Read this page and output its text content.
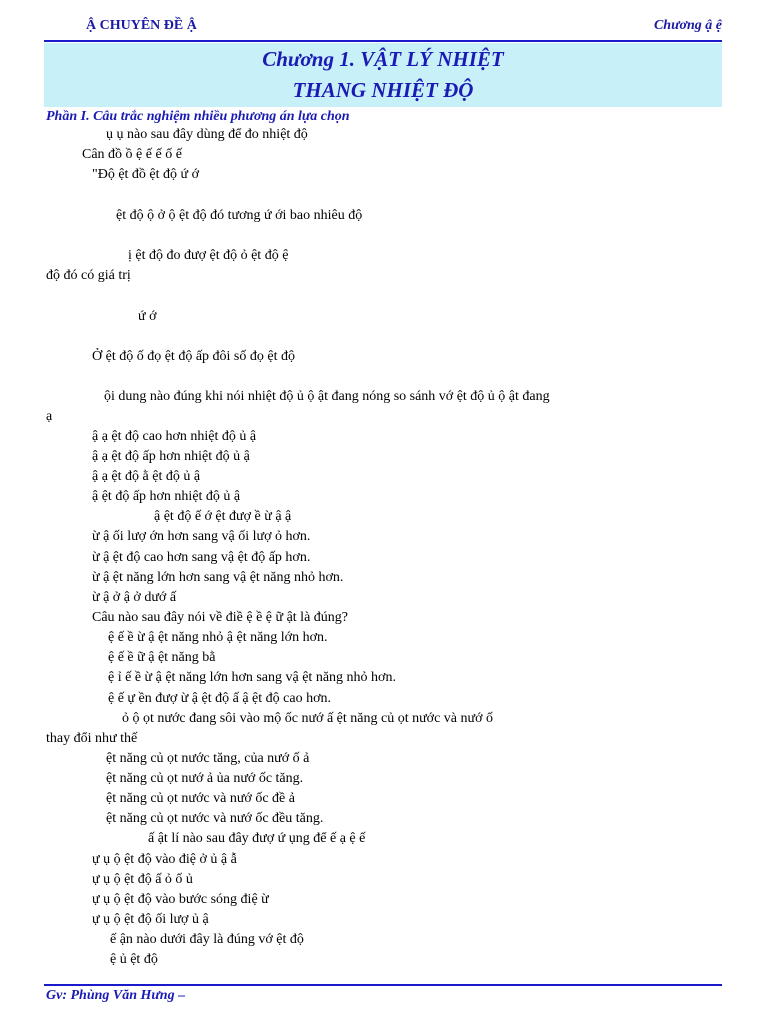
Ậ CHUYÊN ĐỀ Ậ	Chương ậ ệ
Chương 1. VẬT LÝ NHIỆT
THANG NHIỆT ĐỘ
Phần I. Câu trắc nghiệm nhiều phương án lựa chọn
ụ ụ nào sau đây dùng để đo nhiệt độ
Cân đồ ồ ệ ế ế ố ế
"Độ ệt đồ ệt độ ứ ớ
ệt độ ộ ở ộ ệt độ đó tương ứ ới bao nhiêu độ
ị ệt độ đo đượ ệt độ ỏ ệt độ ệ
độ đó có giá trị
ứ ớ
Ở ệt độ ố đọ ệt độ ấp đôi số đọ ệt độ
ội dung nào đúng khi nói nhiệt độ ủ ộ ật đang nóng so sánh vớ ệt độ ủ ộ ật đang
ạ
ậ ạ ệt độ cao hơn nhiệt độ ủ ậ
ậ ạ ệt độ ấp hơn nhiệt độ ủ ậ
ậ ạ ệt độ ằ ệt độ ủ ậ
ậ ệt độ ấp hơn nhiệt độ ủ ậ
ậ ệt độ ế ớ ệt đượ ề ừ ậ ậ
ừ ậ ối lượ ớn hơn sang vậ ối lượ ỏ hơn.
ừ ậ ệt độ cao hơn sang vậ ệt độ ấp hơn.
ừ ậ ệt năng lớn hơn sang vậ ệt năng nhỏ hơn.
ừ ậ ở ậ ở dướ ấ
Câu nào sau đây nói về điề ệ ề ệ ữ ật là đúng?
ệ ế ề ừ ậ ệt năng nhỏ ậ ệt năng lớn hơn.
ệ ế ề ữ ậ ệt năng bằ
ệ ỉ ế ề ừ ậ ệt năng lớn hơn sang vậ ệt năng nhỏ hơn.
ệ ế ự ền đượ ừ ậ ệt độ ấ ậ ệt độ cao hơn.
ỏ ộ ọt nước đang sôi vào mộ ốc nướ ấ ệt năng củ ọt nước và nướ ố
thay đổi như thế
ệt năng củ ọt nước tăng, của nướ ố ả
ệt năng củ ọt nướ ả ủa nướ ốc tăng.
ệt năng củ ọt nước và nướ ốc đề ả
ệt năng củ ọt nước và nướ ốc đều tăng.
ấ ật lí nào sau đây đượ ứ ụng để ế ạ ệ ế
ự ụ ộ ệt độ vào điệ ở ủ ậ ẫ
ự ụ ộ ệt độ ấ ỏ ố ủ
ự ụ ộ ệt độ vào bước sóng điệ ừ
ự ụ ộ ệt độ ối lượ ủ ậ
ế ận nào dưới đây là đúng vớ ệt độ
ệ ủ ệt độ
Gv: Phùng Văn Hưng –
